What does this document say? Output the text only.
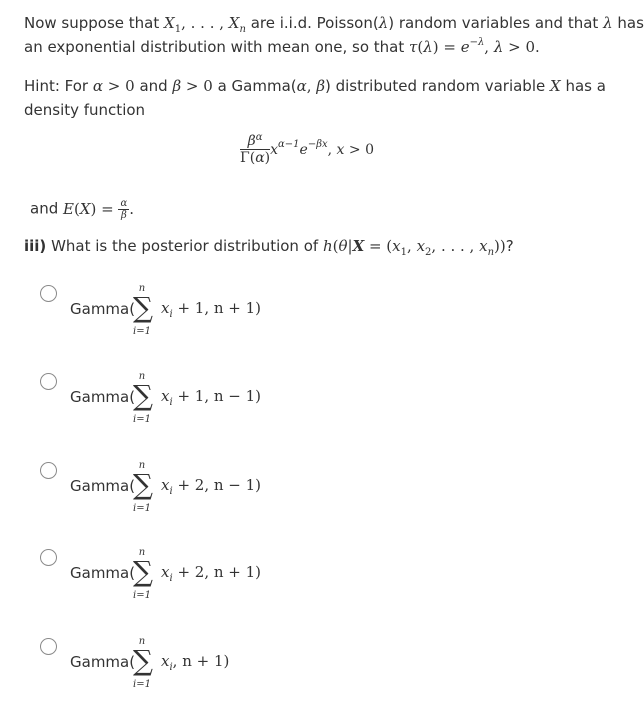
Now suppose that $X_1$, . . . , $X_n$ are i.i.d. Poisson(λ) random variables and that λ has
an exponential distribution with mean one, so that $\tau(\lambda) = e^{-\lambda}$, λ > 0.
Hint: For α > 0 and β > 0 a Gamma(α, β) distributed random variable X has a
density function
$\frac{\beta^\alpha}{\Gamma(\alpha)} x^{\alpha-1}e^{-\beta x}$, x > 0
and $E(X) = \frac{\alpha}{\beta}$ .
iii) What is the posterior distribution of $h(\theta|X = (x_1$, $x_2$, . . . , $x_n$))?
Gamma(
n
∑
i=1
$x_i + 1$, n + 1)
Gamma(
n
∑
i=1
$x_i + 1$, n − 1)
Gamma(
n
∑
i=1
$x_i + 2$, n − 1)
Gamma(
n
∑
i=1
$x_i + 2$, n + 1)
Gamma(
n
∑
i=1
$x_i$, n + 1)
